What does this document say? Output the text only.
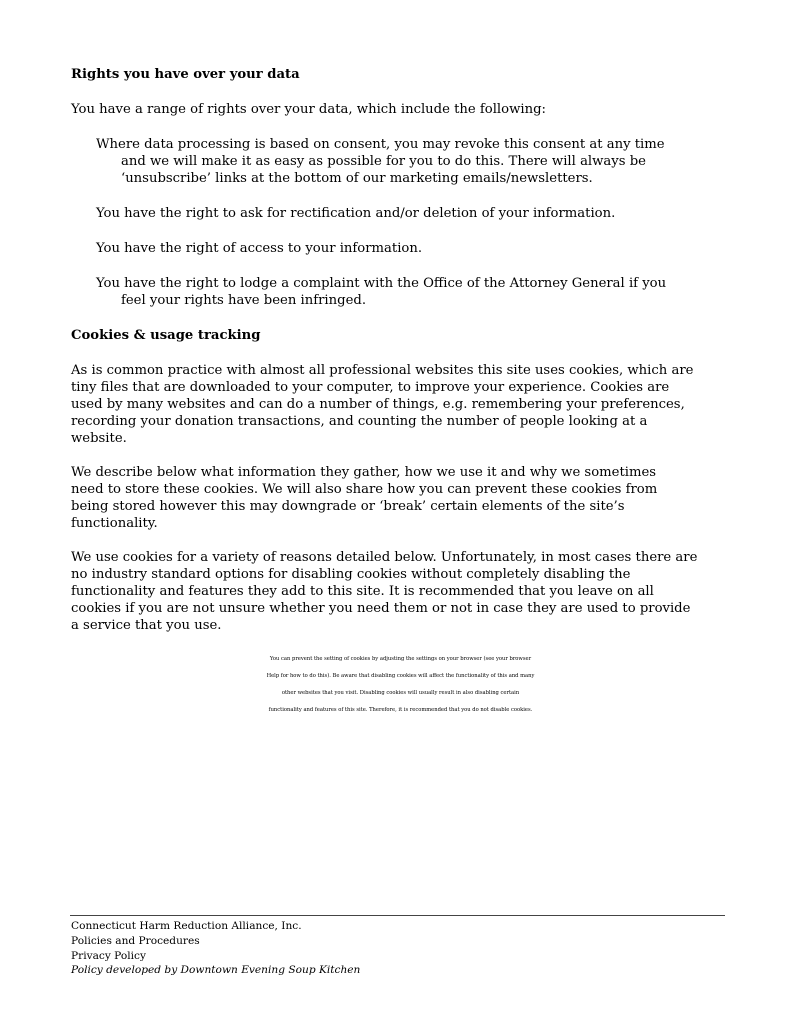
Rights you have over your data
You have a range of rights over your data, which include the following:
Where data processing is based on consent, you may revoke this consent at any time
and we will make it as easy as possible for you to do this. There will always be
‘unsubscribe’ links at the bottom of our marketing emails/newsletters.
You have the right to ask for rectification and/or deletion of your information.
You have the right of access to your information.
You have the right to lodge a complaint with the Office of the Attorney General if you
feel your rights have been infringed.
Cookies & usage tracking
As is common practice with almost all professional websites this site uses cookies, which are
tiny files that are downloaded to your computer, to improve your experience. Cookies are
used by many websites and can do a number of things, e.g. remembering your preferences,
recording your donation transactions, and counting the number of people looking at a
website.
We describe below what information they gather, how we use it and why we sometimes
need to store these cookies. We will also share how you can prevent these cookies from
being stored however this may downgrade or ‘break’ certain elements of the site’s
functionality.
We use cookies for a variety of reasons detailed below. Unfortunately, in most cases there are
no industry standard options for disabling cookies without completely disabling the
functionality and features they add to this site. It is recommended that you leave on all
cookies if you are not unsure whether you need them or not in case they are used to provide
a service that you use.
You can prevent the setting of cookies by adjusting the settings on your browser (see your browser
Help for how to do this). Be aware that disabling cookies will affect the functionality of this and many
other websites that you visit. Disabling cookies will usually result in also disabling certain
functionality and features of this site. Therefore, it is recommended that you do not disable cookies.
Connecticut Harm Reduction Alliance, Inc.
Policies and Procedures
Privacy Policy
Policy developed by Downtown Evening Soup Kitchen
